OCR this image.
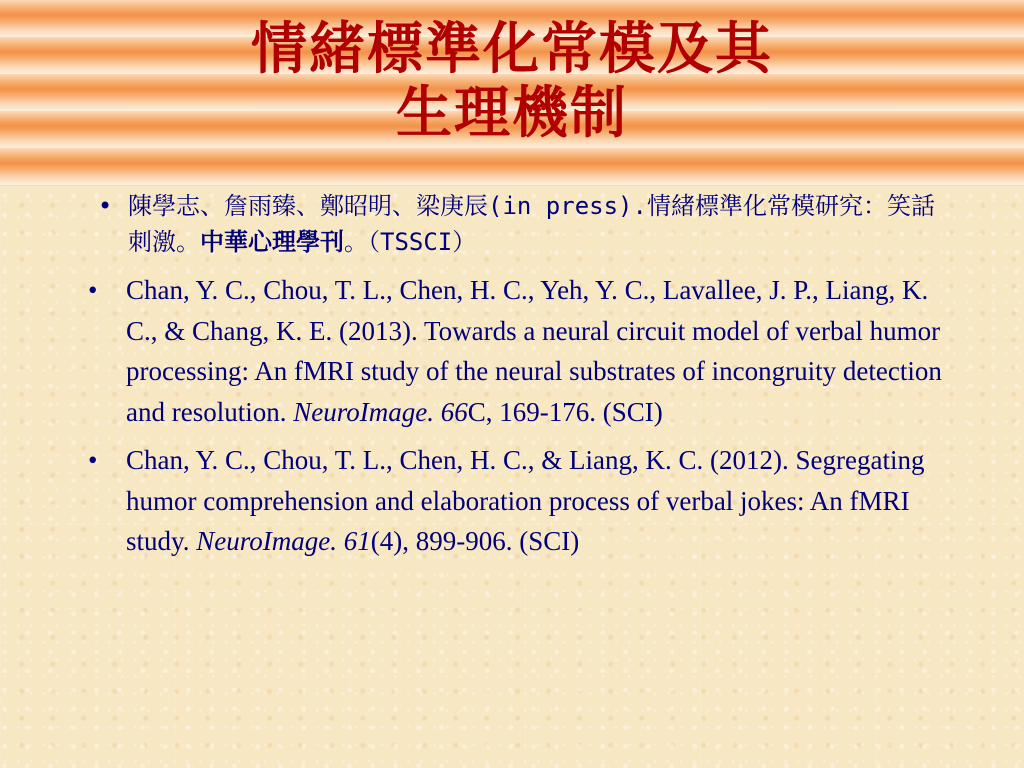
情緒標準化常模及其
生理機制
• 陳學志、詹雨臻、鄭昭明、梁庚辰(in press).情緒標準化常模研究：笑話刺激。中華心理學刊。（TSSCI）
• Chan, Y. C., Chou, T. L., Chen, H. C., Yeh, Y. C., Lavallee, J. P., Liang, K. C., & Chang, K. E. (2013). Towards a neural circuit model of verbal humor processing: An fMRI study of the neural substrates of incongruity detection and resolution. NeuroImage. 66C, 169-176. (SCI)
• Chan, Y. C., Chou, T. L., Chen, H. C., & Liang, K. C. (2012). Segregating humor comprehension and elaboration process of verbal jokes: An fMRI study. NeuroImage. 61(4), 899-906. (SCI)
